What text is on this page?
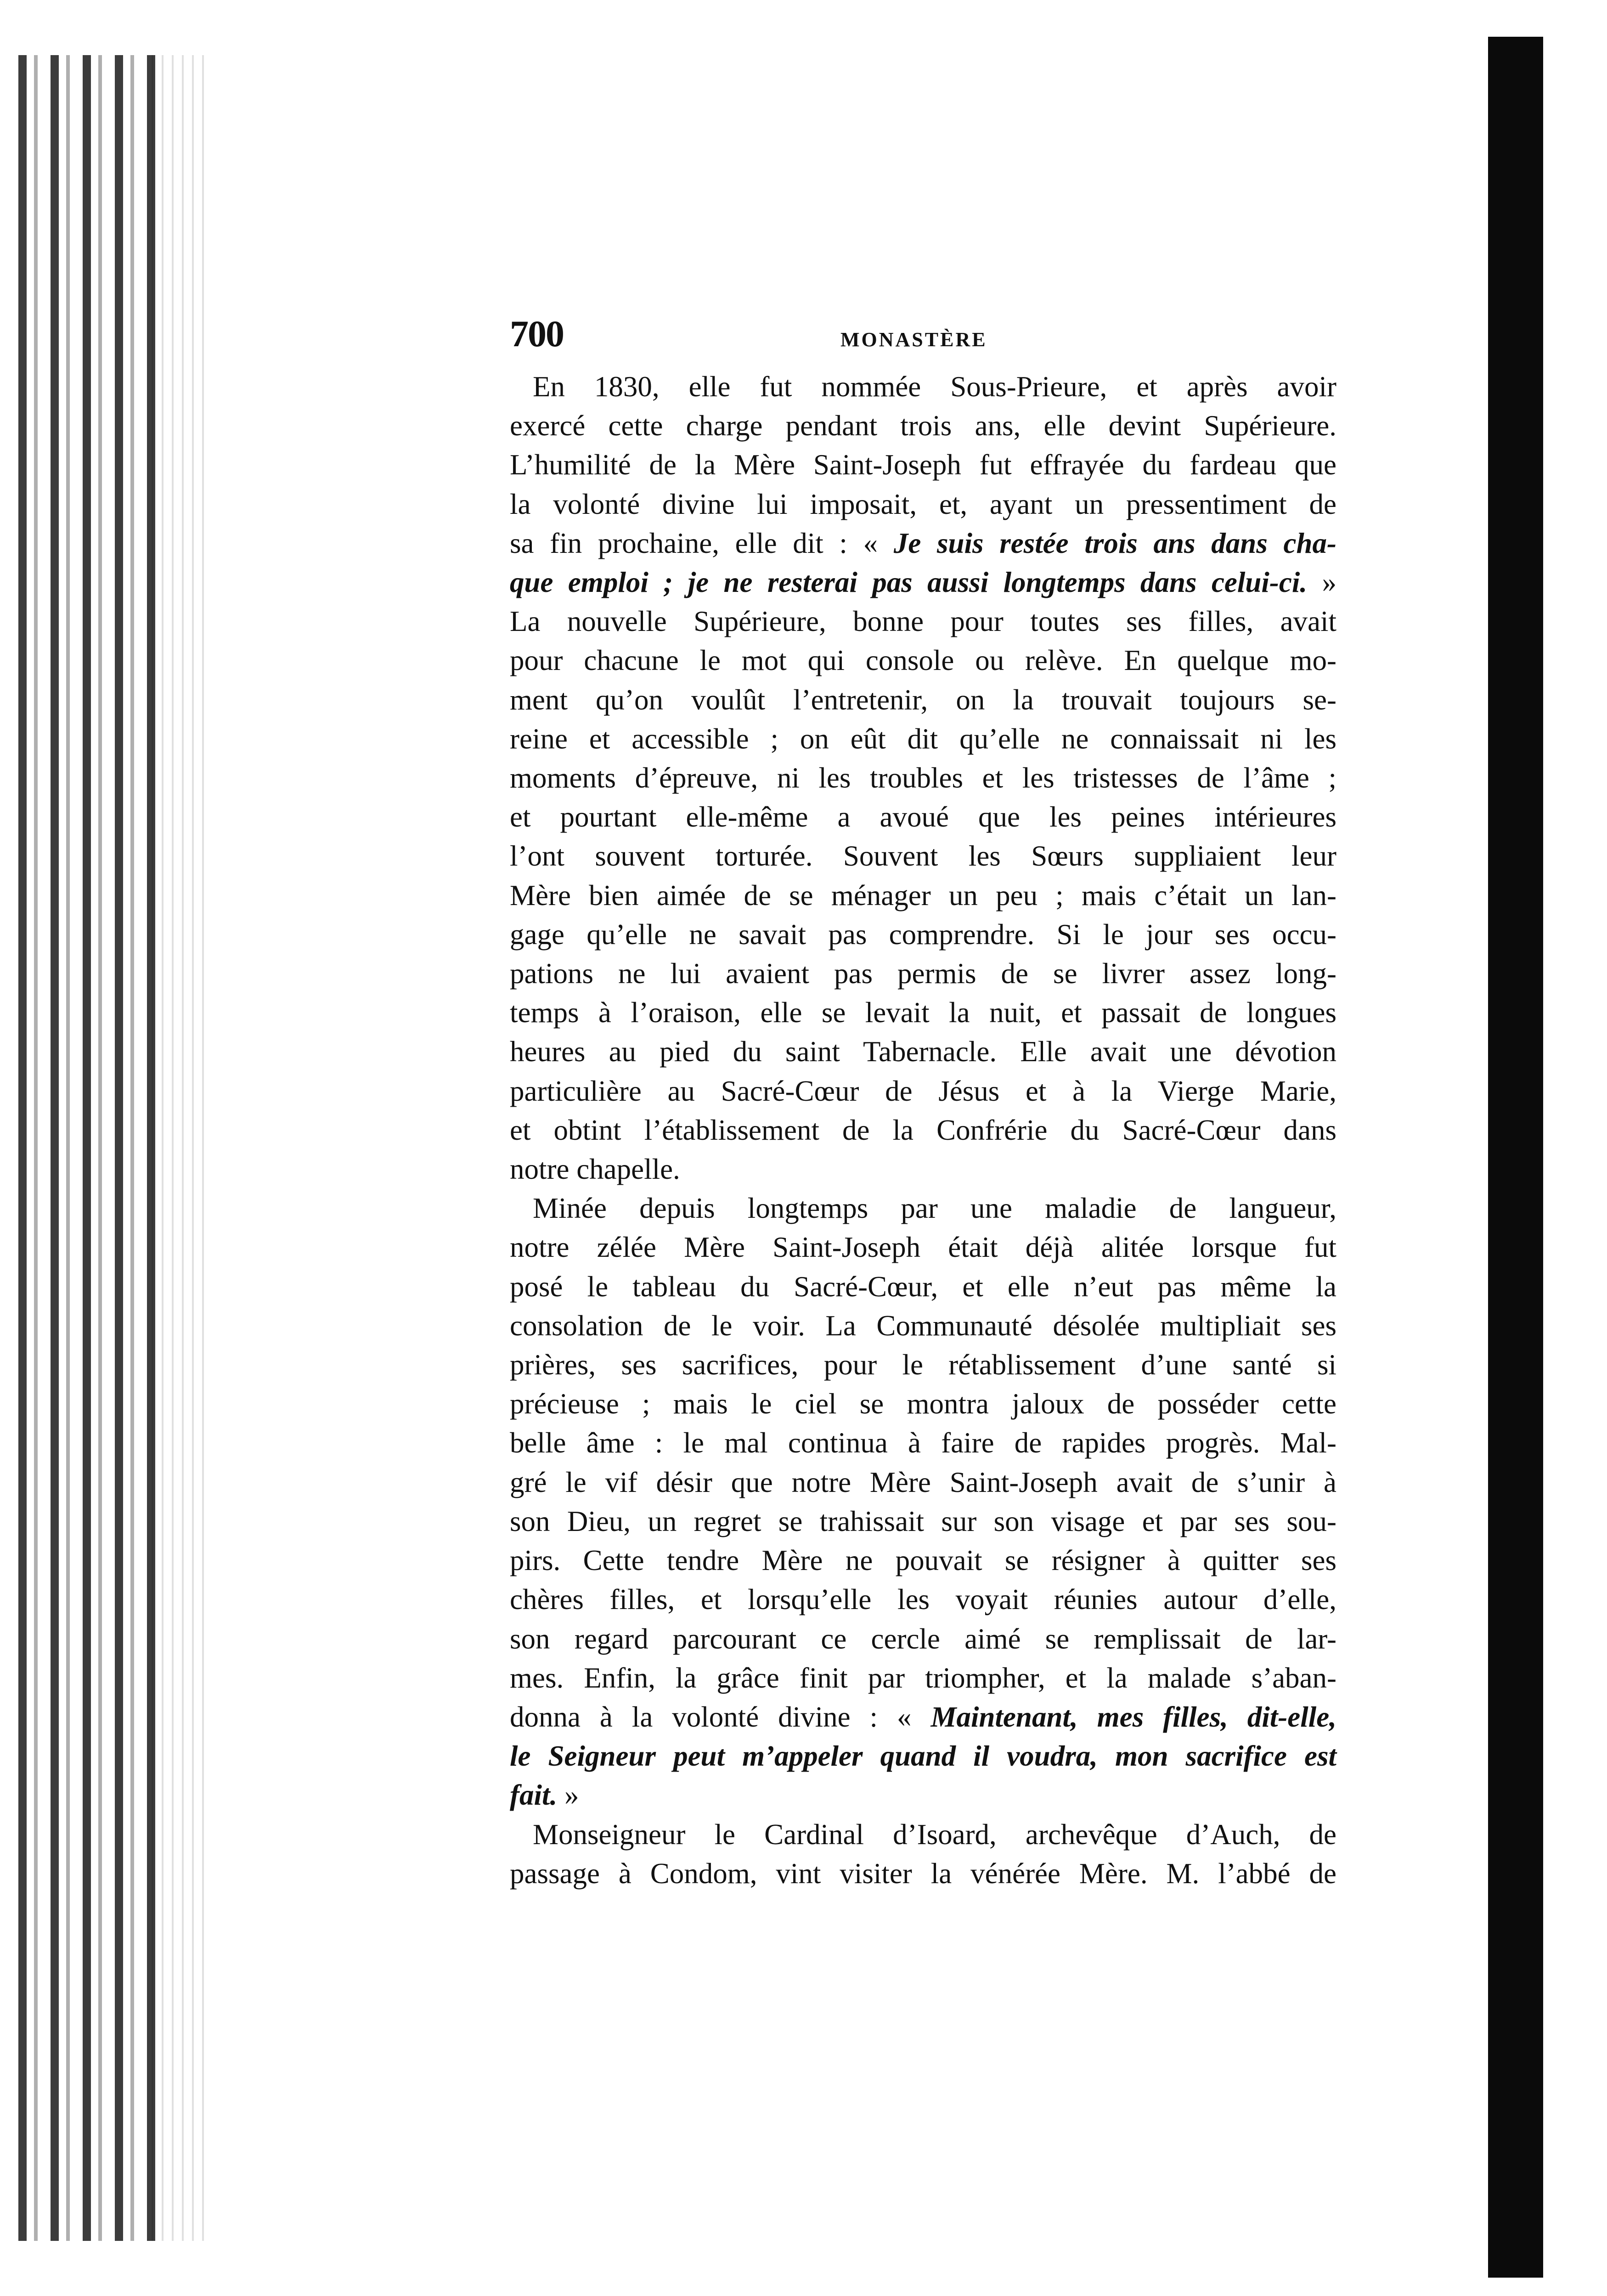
700	MONASTÈRE

En 1830, elle fut nommée Sous-Prieure, et après avoir
exercé cette charge pendant trois ans, elle devint Supérieure.
L’humilité de la Mère Saint-Joseph fut effrayée du fardeau que
la volonté divine lui imposait, et, ayant un pressentiment de
sa fin prochaine, elle dit : « Je suis restée trois ans dans cha-
que emploi ; je ne resterai pas aussi longtemps dans celui-ci. »
La nouvelle Supérieure, bonne pour toutes ses filles, avait
pour chacune le mot qui console ou relève. En quelque mo-
ment qu’on voulût l’entretenir, on la trouvait toujours se-
reine et accessible ; on eût dit qu’elle ne connaissait ni les
moments d’épreuve, ni les troubles et les tristesses de l’âme ;
et pourtant elle-même a avoué que les peines intérieures
l’ont souvent torturée. Souvent les Sœurs suppliaient leur
Mère bien aimée de se ménager un peu ; mais c’était un lan-
gage qu’elle ne savait pas comprendre. Si le jour ses occu-
pations ne lui avaient pas permis de se livrer assez long-
temps à l’oraison, elle se levait la nuit, et passait de longues
heures au pied du saint Tabernacle. Elle avait une dévotion
particulière au Sacré-Cœur de Jésus et à la Vierge Marie,
et obtint l’établissement de la Confrérie du Sacré-Cœur dans
notre chapelle.

Minée depuis longtemps par une maladie de langueur,
notre zélée Mère Saint-Joseph était déjà alitée lorsque fut
posé le tableau du Sacré-Cœur, et elle n’eut pas même la
consolation de le voir. La Communauté désolée multipliait ses
prières, ses sacrifices, pour le rétablissement d’une santé si
précieuse ; mais le ciel se montra jaloux de posséder cette
belle âme : le mal continua à faire de rapides progrès. Mal-
gré le vif désir que notre Mère Saint-Joseph avait de s’unir à
son Dieu, un regret se trahissait sur son visage et par ses sou-
pirs. Cette tendre Mère ne pouvait se résigner à quitter ses
chères filles, et lorsqu’elle les voyait réunies autour d’elle,
son regard parcourant ce cercle aimé se remplissait de lar-
mes. Enfin, la grâce finit par triompher, et la malade s’aban-
donna à la volonté divine : « Maintenant, mes filles, dit-elle,
le Seigneur peut m’appeler quand il voudra, mon sacrifice est
fait. »

Monseigneur le Cardinal d’Isoard, archevêque d’Auch, de
passage à Condom, vint visiter la vénérée Mère. M. l’abbé de
